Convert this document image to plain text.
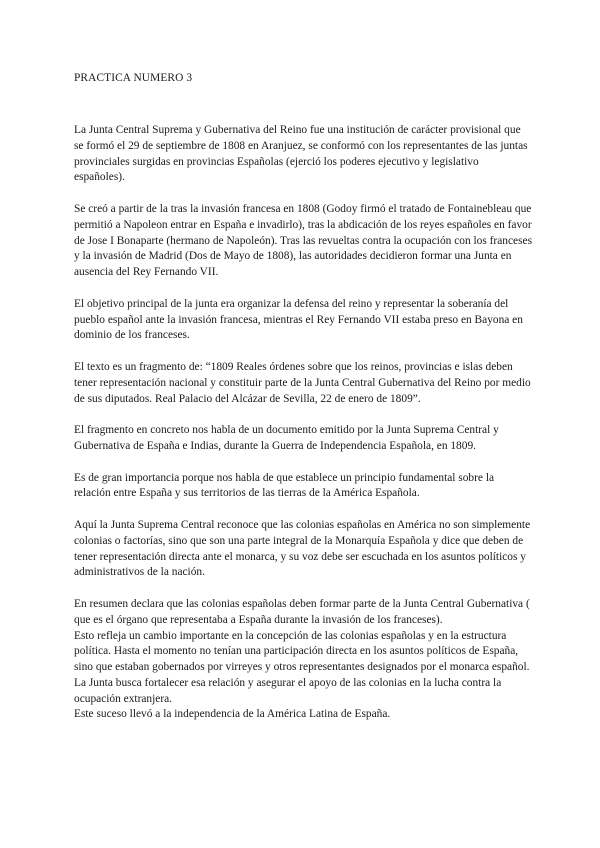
PRACTICA NUMERO 3

La Junta Central Suprema y Gubernativa del Reino fue una institución de carácter provisional que se formó el 29 de septiembre de 1808 en Aranjuez, se conformó con los representantes de las juntas provinciales surgidas en provincias Españolas (ejerció los poderes ejecutivo y legislativo españoles).

Se creó a partir de la tras la invasión francesa en 1808 (Godoy firmó el tratado de Fontainebleau que permitió a Napoleon entrar en España e invadirlo), tras la abdicación de los reyes españoles en favor de Jose I Bonaparte (hermano de Napoleón). Tras las revueltas contra la ocupación con los franceses y la invasión de Madrid (Dos de Mayo de 1808), las autoridades decidieron formar una Junta en ausencia del Rey Fernando VII.

El objetivo principal de la junta era organizar la defensa del reino y representar la soberanía del pueblo español ante la invasión francesa, mientras el Rey Fernando VII estaba preso en Bayona en dominio de los franceses.

El texto es un fragmento de: “1809 Reales órdenes sobre que los reinos, provincias e islas deben tener representación nacional y constituir parte de la Junta Central Gubernativa del Reino por medio de sus diputados. Real Palacio del Alcázar de Sevilla, 22 de enero de 1809”.

El fragmento en concreto nos habla de un documento emitido por la Junta Suprema Central y Gubernativa de España e Indias, durante la Guerra de Independencia Española, en 1809.

Es de gran importancia porque nos habla de que establece un principio fundamental sobre la relación entre España y sus territorios de las tierras de la América Española.

Aquí la Junta Suprema Central reconoce que las colonias españolas en América no son simplemente colonias o factorías, sino que son una parte integral de la Monarquía Española y dice que deben de tener representación directa ante el monarca, y su voz debe ser escuchada en los asuntos políticos y administrativos de la nación.

En resumen declara que las colonias españolas deben formar parte de la Junta Central Gubernativa ( que es el órgano que representaba a España durante la invasión de los franceses).

Esto refleja un cambio importante en la concepción de las colonias españolas y en la estructura política. Hasta el momento no tenían una participación directa en los asuntos políticos de España, sino que estaban gobernados por virreyes y otros representantes designados por el monarca español.

La Junta busca fortalecer esa relación y asegurar el apoyo de las colonias en la lucha contra la ocupación extranjera.

Este suceso llevó a la independencia de la América Latina de España.
